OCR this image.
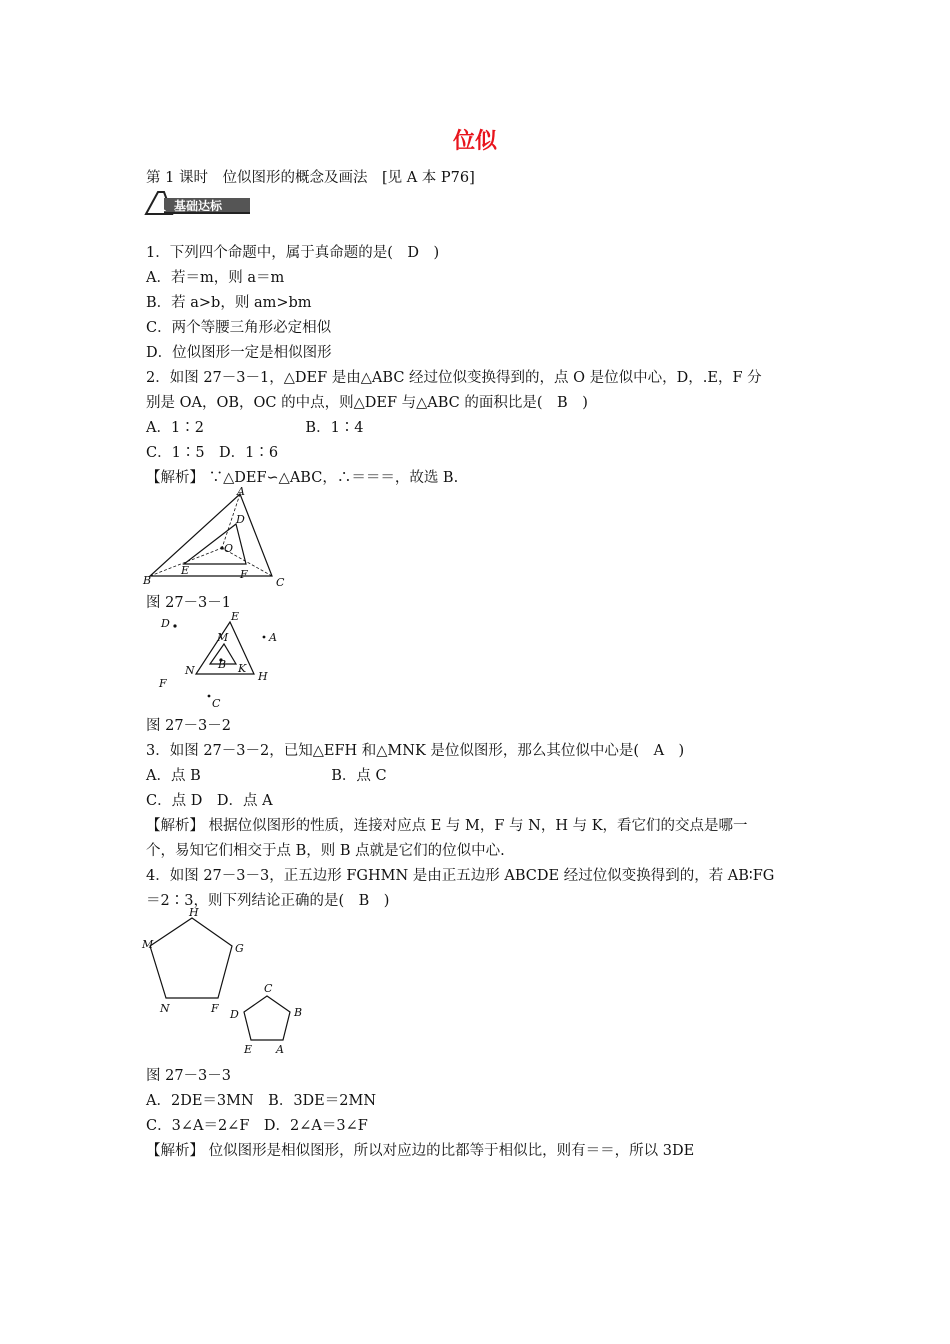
位似
第 1 课时　位似图形的概念及画法　[见 A 本 P76]
A 基础达标
1．下列四个命题中，属于真命题的是(　D　)
A．若＝m，则 a＝m
B．若 a>b，则 am>bm
C．两个等腰三角形必定相似
D．位似图形一定是相似图形
2．如图 27－3－1，△DEF 是由△ABC 经过位似变换得到的，点 O 是位似中心，D，.E，F 分
别是 OA，OB，OC 的中点，则△DEF 与△ABC 的面积比是(　B　)
A．1∶2　　　　　　　B．1∶4
C．1∶5　D．1∶6
【解析】 ∵△DEF∽△ABC，∴＝＝＝，故选 B.
A
B	C
D
E	F
O
图 27－3－1
D
E
A
M
N B K
F
H
C
图 27－3－2
3．如图 27－3－2，已知△EFH 和△MNK 是位似图形，那么其位似中心是(　A　)
A．点 B　　　　　　　　　B．点 C
C．点 D　D．点 A
【解析】 根据位似图形的性质，连接对应点 E 与 M，F 与 N，H 与 K，看它们的交点是哪一
个，易知它们相交于点 B，则 B 点就是它们的位似中心.
4．如图 27－3－3，正五边形 FGHMN 是由正五边形 ABCDE 经过位似变换得到的，若 AB∶FG
＝2∶3，则下列结论正确的是(　B　)
H
M	G
N	F
C
D	B
E A
图 27－3－3
A．2DE＝3MN　B．3DE＝2MN
C．3∠A＝2∠F　D．2∠A＝3∠F
【解析】 位似图形是相似图形，所以对应边的比都等于相似比，则有＝＝，所以 3DE
